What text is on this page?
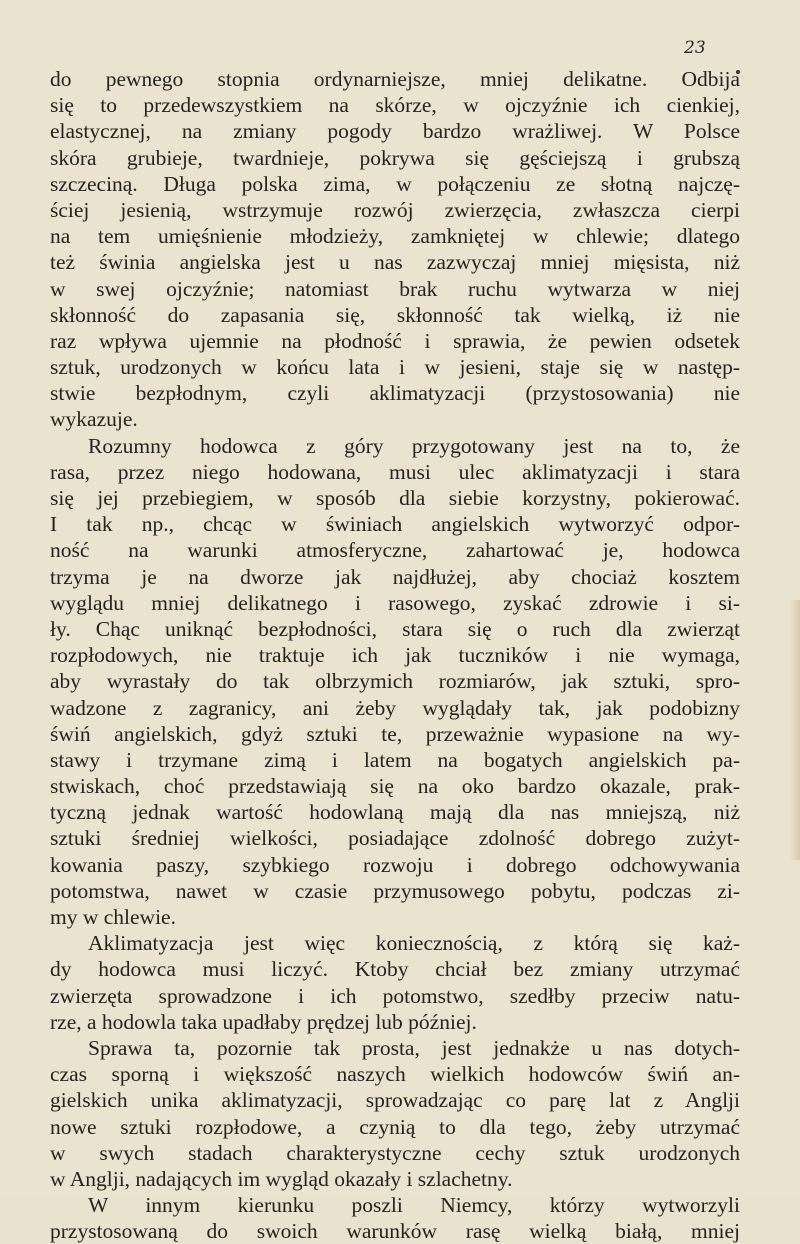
23
do pewnego stopnia ordynarniejsze, mniej delikatne. Odbija
się to przedewszystkiem na skórze, w ojczyźnie ich cienkiej,
elastycznej, na zmiany pogody bardzo wrażliwej. W Polsce
skóra grubieje, twardnieje, pokrywa się gęściejszą i grubszą
szczeciną. Długa polska zima, w połączeniu ze słotną najczę-
ściej jesienią, wstrzymuje rozwój zwierzęcia, zwłaszcza cierpi
na tem umięśnienie młodzieży, zamkniętej w chlewie; dlatego
też świnia angielska jest u nas zazwyczaj mniej mięsista, niż
w swej ojczyźnie; natomiast brak ruchu wytwarza w niej
skłonność do zapasania się, skłonność tak wielką, iż nie
raz wpływa ujemnie na płodność i sprawia, że pewien odsetek
sztuk, urodzonych w końcu lata i w jesieni, staje się w następ-
stwie bezpłodnym, czyli aklimatyzacji (przystosowania) nie
wykazuje.
Rozumny hodowca z góry przygotowany jest na to, że
rasa, przez niego hodowana, musi ulec aklimatyzacji i stara
się jej przebiegiem, w sposób dla siebie korzystny, pokierować.
I tak np., chcąc w świniach angielskich wytworzyć odpor-
ność na warunki atmosferyczne, zahartować je, hodowca
trzyma je na dworze jak najdłużej, aby chociaż kosztem
wyglądu mniej delikatnego i rasowego, zyskać zdrowie i si-
ły. Chąc uniknąć bezpłodności, stara się o ruch dla zwierząt
rozpłodowych, nie traktuje ich jak tuczników i nie wymaga,
aby wyrastały do tak olbrzymich rozmiarów, jak sztuki, spro-
wadzone z zagranicy, ani żeby wyglądały tak, jak podobizny
świń angielskich, gdyż sztuki te, przeważnie wypasione na wy-
stawy i trzymane zimą i latem na bogatych angielskich pa-
stwiskach, choć przedstawiają się na oko bardzo okazale, prak-
tyczną jednak wartość hodowlaną mają dla nas mniejszą, niż
sztuki średniej wielkości, posiadające zdolność dobrego zużyt-
kowania paszy, szybkiego rozwoju i dobrego odchowywania
potomstwa, nawet w czasie przymusowego pobytu, podczas zi-
my w chlewie.
Aklimatyzacja jest więc koniecznością, z którą się każ-
dy hodowca musi liczyć. Ktoby chciał bez zmiany utrzymać
zwierzęta sprowadzone i ich potomstwo, szedłby przeciw natu-
rze, a hodowla taka upadłaby prędzej lub później.
Sprawa ta, pozornie tak prosta, jest jednakże u nas dotych-
czas sporną i większość naszych wielkich hodowców świń an-
gielskich unika aklimatyzacji, sprowadzając co parę lat z Anglji
nowe sztuki rozpłodowe, a czynią to dla tego, żeby utrzymać
w swych stadach charakterystyczne cechy sztuk urodzonych
w Anglji, nadających im wygląd okazały i szlachetny.
W innym kierunku poszli Niemcy, którzy wytworzyli
przystosowaną do swoich warunków rasę wielką białą, mniej
